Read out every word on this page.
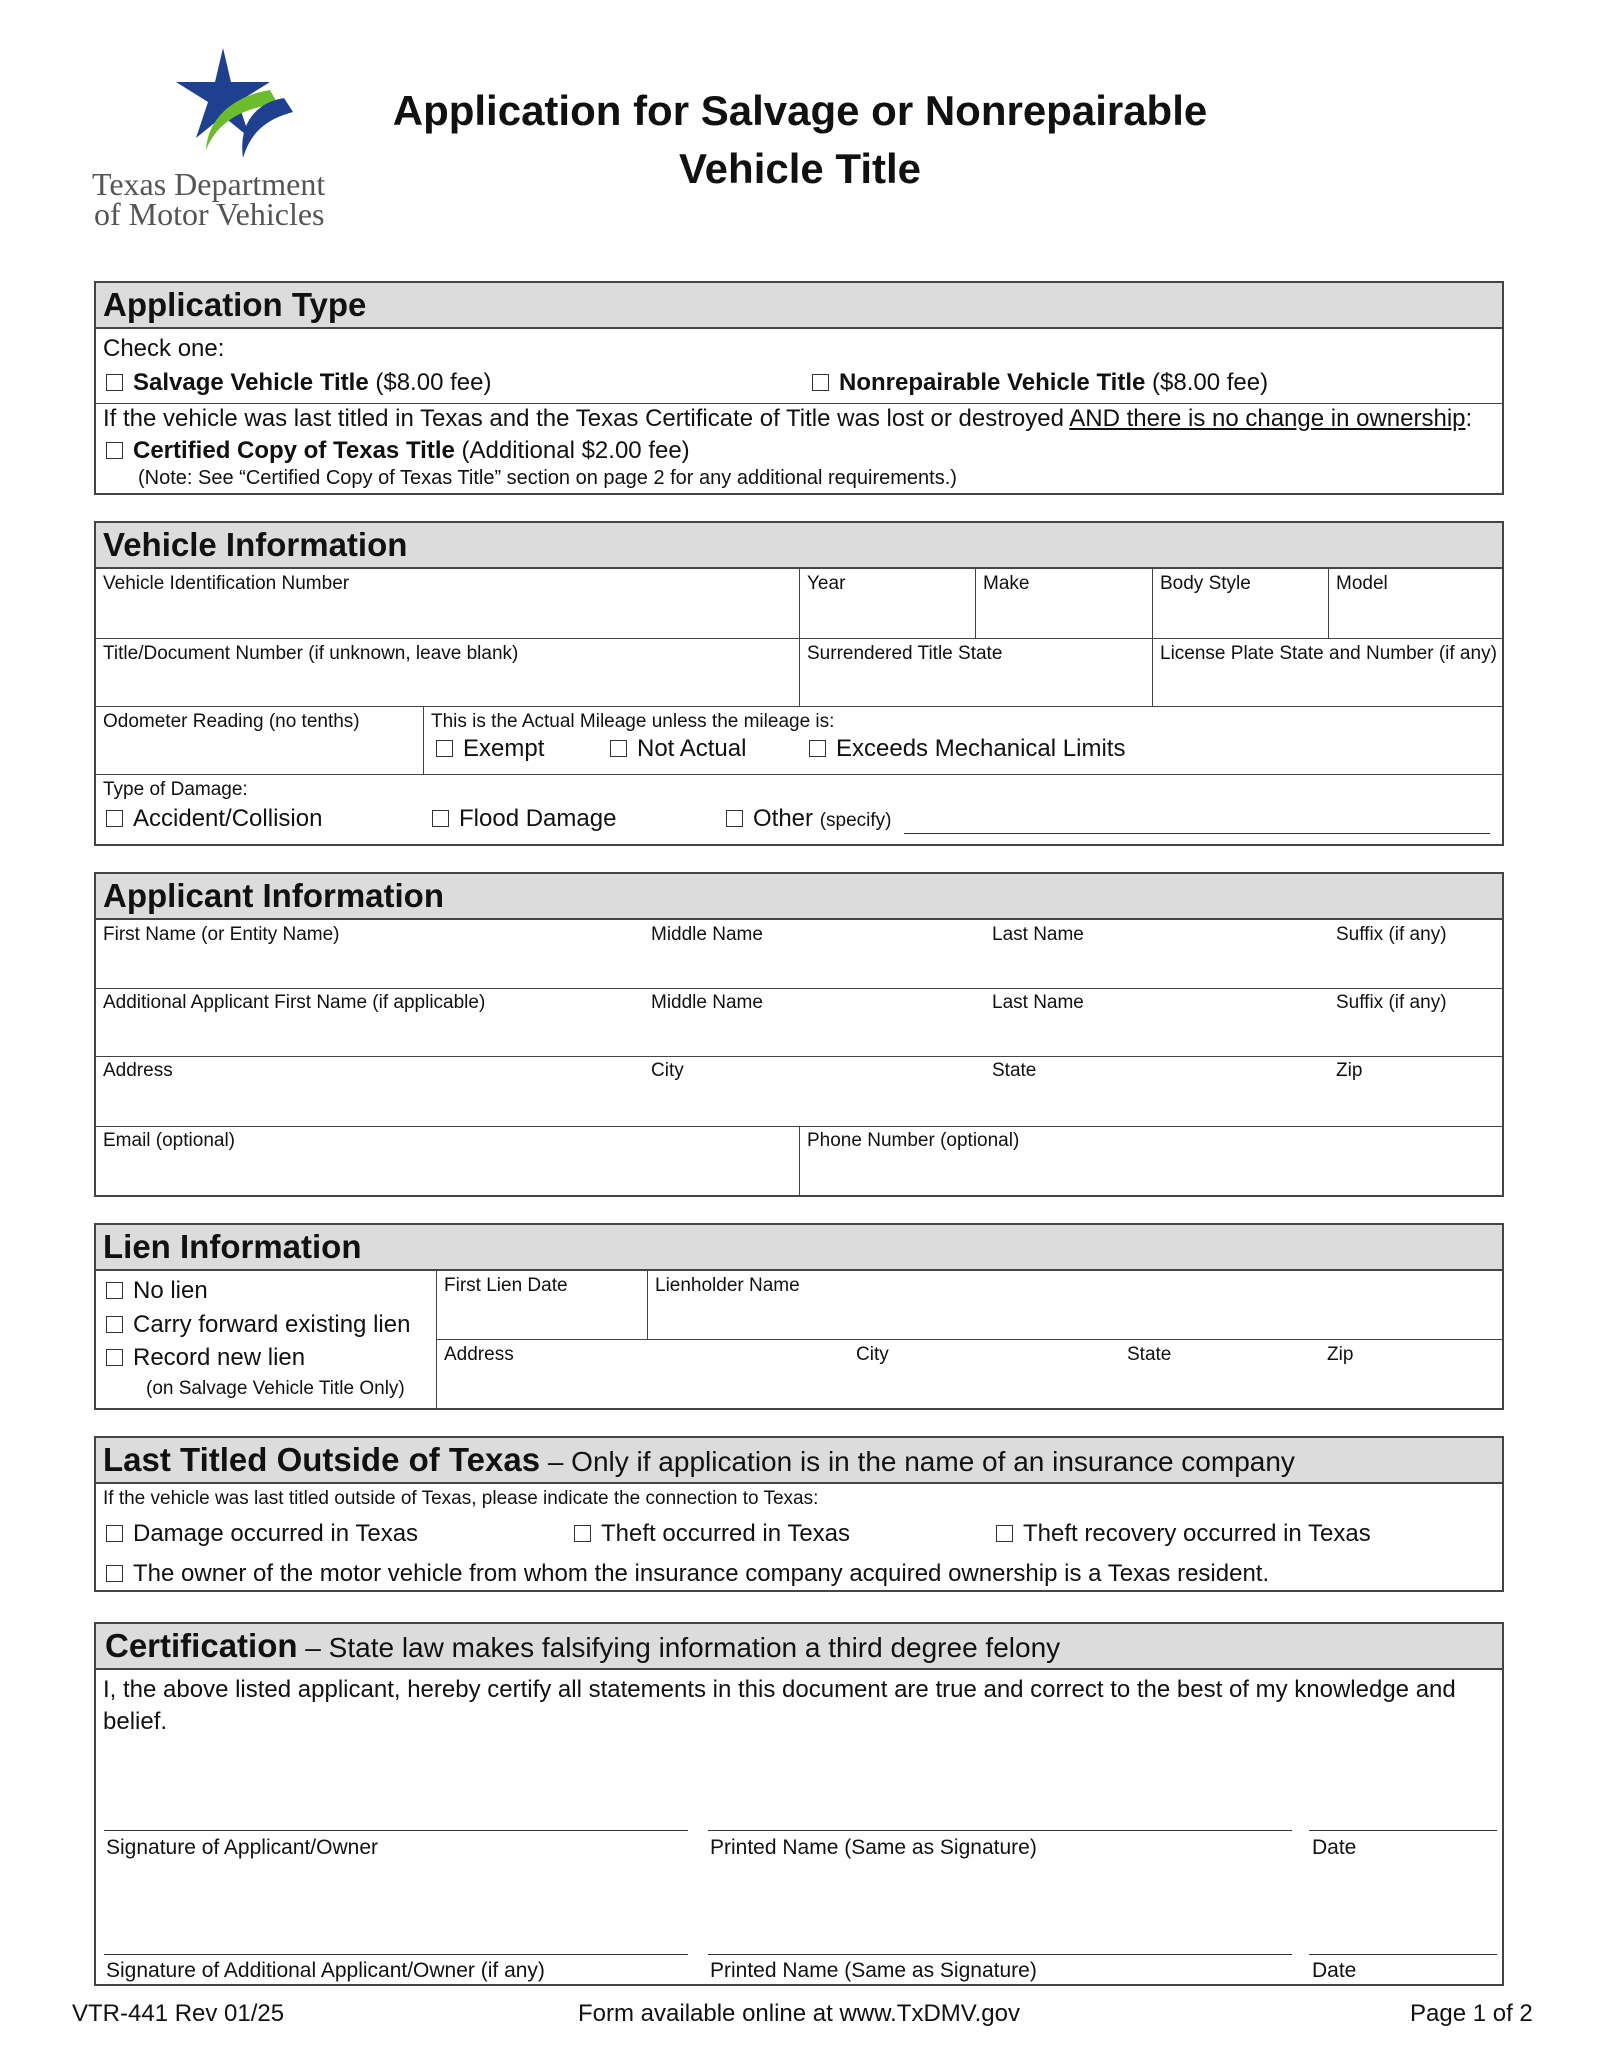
Texas Department
of Motor Vehicles
Application for Salvage or Nonrepairable
Vehicle Title
Application Type
Check one:
Salvage Vehicle Title ($8.00 fee)	Nonrepairable Vehicle Title ($8.00 fee)
If the vehicle was last titled in Texas and the Texas Certificate of Title was lost or destroyed AND there is no change in ownership:
Certified Copy of Texas Title (Additional $2.00 fee)
(Note: See “Certified Copy of Texas Title” section on page 2 for any additional requirements.)
Vehicle Information
Vehicle Identification Number	Year	Make	Body Style	Model
Title/Document Number (if unknown, leave blank)	Surrendered Title State	License Plate State and Number (if any)
Odometer Reading (no tenths)	This is the Actual Mileage unless the mileage is:
Exempt	Not Actual	Exceeds Mechanical Limits
Type of Damage:
Accident/Collision	Flood Damage	Other (specify)
Applicant Information
First Name (or Entity Name)	Middle Name	Last Name	Suffix (if any)
Additional Applicant First Name (if applicable)	Middle Name	Last Name	Suffix (if any)
Address	City	State	Zip
Email (optional)	Phone Number (optional)
Lien Information
No lien
Carry forward existing lien
Record new lien
(on Salvage Vehicle Title Only)
First Lien Date	Lienholder Name
Address	City	State	Zip
Last Titled Outside of Texas – Only if application is in the name of an insurance company
If the vehicle was last titled outside of Texas, please indicate the connection to Texas:
Damage occurred in Texas	Theft occurred in Texas	Theft recovery occurred in Texas
The owner of the motor vehicle from whom the insurance company acquired ownership is a Texas resident.
Certification – State law makes falsifying information a third degree felony
I, the above listed applicant, hereby certify all statements in this document are true and correct to the best of my knowledge and
belief.
Signature of Applicant/Owner	Printed Name (Same as Signature)	Date
Signature of Additional Applicant/Owner (if any)	Printed Name (Same as Signature)	Date
VTR-441 Rev 01/25	Form available online at www.TxDMV.gov	Page 1 of 2
